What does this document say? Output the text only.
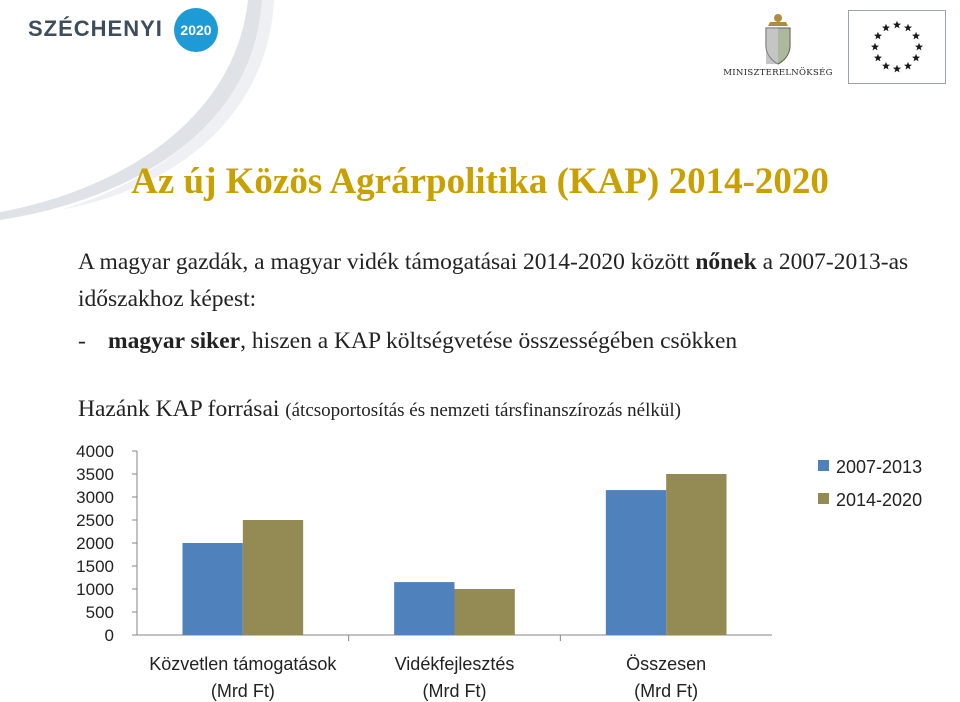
SZÉCHENYI	2020
MINISZTERELNÖKSÉG
Az új Közös Agrárpolitika (KAP) 2014-2020

A magyar gazdák, a magyar vidék támogatásai 2014-2020 között nőnek a 2007-2013-as időszakhoz képest:

- magyar siker, hiszen a KAP költségvetése összességében csökken

Hazánk KAP forrásai (átcsoportosítás és nemzeti társfinanszírozás nélkül)

4000
3500
3000
2500
2000
1500
1000
500
0
Közvetlen támogatások
(Mrd Ft)
Vidékfejlesztés
(Mrd Ft)
Összesen
(Mrd Ft)
2007-2013
2014-2020
